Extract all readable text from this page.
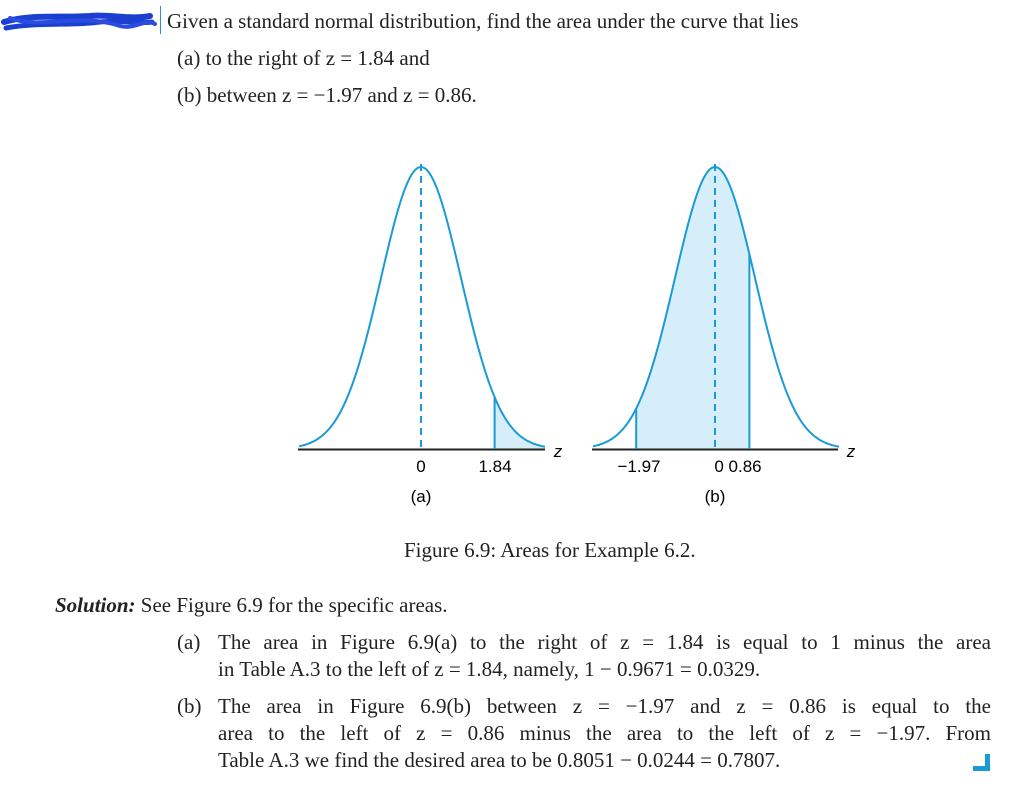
Given a standard normal distribution, find the area under the curve that lies
(a) to the right of z = 1.84 and
(b) between z = −1.97 and z = 0.86.
0	1.84
z
(a)
−1.97	0 0.86
z
(b)
Figure 6.9: Areas for Example 6.2.
Solution: See Figure 6.9 for the specific areas.
(a) The area in Figure 6.9(a) to the right of z = 1.84 is equal to 1 minus the area
in Table A.3 to the left of z = 1.84, namely, 1 − 0.9671 = 0.0329.
(b) The area in Figure 6.9(b) between z = −1.97 and z = 0.86 is equal to the
area to the left of z = 0.86 minus the area to the left of z = −1.97. From
Table A.3 we find the desired area to be 0.8051 − 0.0244 = 0.7807.
